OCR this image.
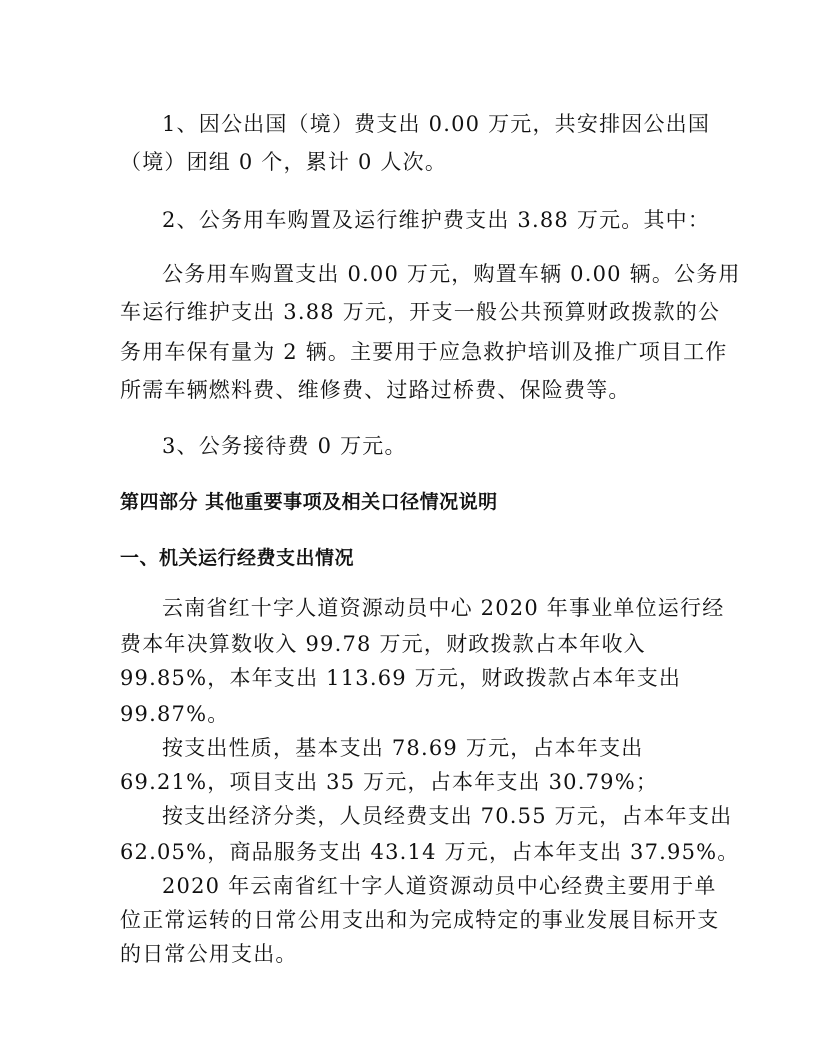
1、因公出国（境）费支出 0.00 万元，共安排因公出国
（境）团组 0 个，累计 0 人次。
2、公务用车购置及运行维护费支出 3.88 万元。其中：
公务用车购置支出 0.00 万元，购置车辆 0.00 辆。公务用
车运行维护支出 3.88 万元，开支一般公共预算财政拨款的公
务用车保有量为 2 辆。主要用于应急救护培训及推广项目工作
所需车辆燃料费、维修费、过路过桥费、保险费等。
3、公务接待费 0 万元。
第四部分 其他重要事项及相关口径情况说明
一、机关运行经费支出情况
云南省红十字人道资源动员中心 2020 年事业单位运行经
费本年决算数收入 99.78 万元，财政拨款占本年收入
99.85%，本年支出 113.69 万元，财政拨款占本年支出
99.87%。
按支出性质，基本支出 78.69 万元，占本年支出
69.21%，项目支出 35 万元，占本年支出 30.79%；
按支出经济分类，人员经费支出 70.55 万元，占本年支出
62.05%，商品服务支出 43.14 万元，占本年支出 37.95%。
2020 年云南省红十字人道资源动员中心经费主要用于单
位正常运转的日常公用支出和为完成特定的事业发展目标开支
的日常公用支出。
